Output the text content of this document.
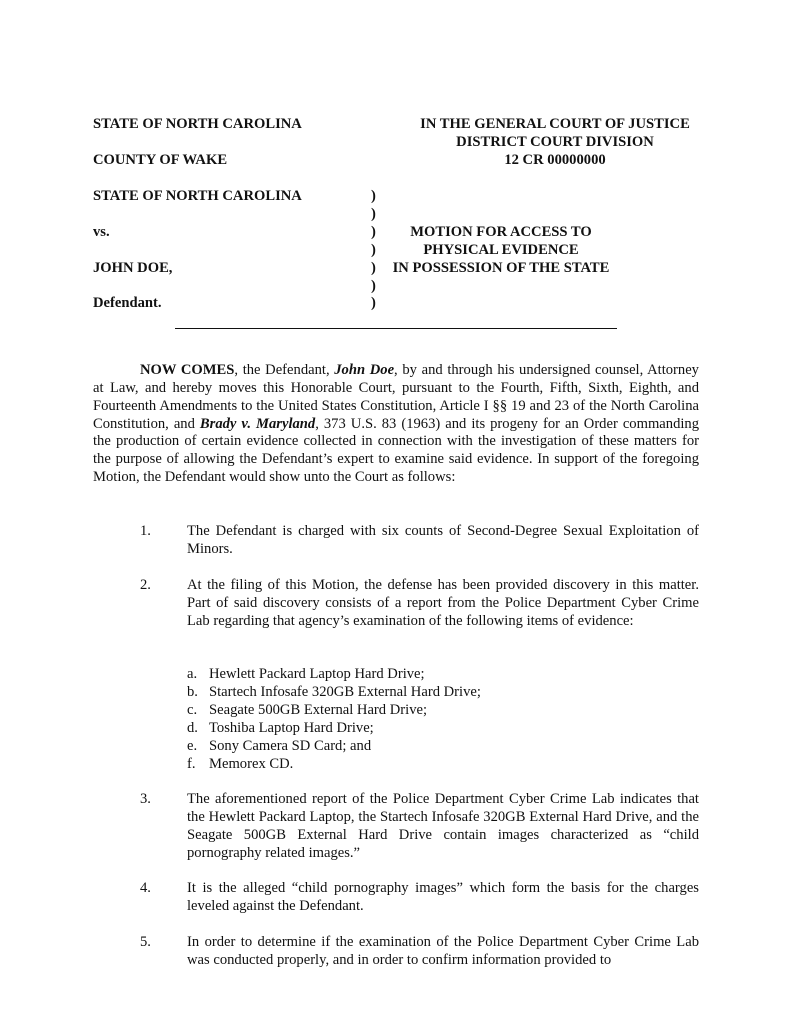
STATE OF NORTH CAROLINA
COUNTY OF WAKE
IN THE GENERAL COURT OF JUSTICE
DISTRICT COURT DIVISION
12 CR 00000000
STATE OF NORTH CAROLINA
vs.
JOHN DOE,
Defendant.
)
)
)
)
)
)
)
MOTION FOR ACCESS TO
PHYSICAL EVIDENCE
IN POSSESSION OF THE STATE

NOW COMES, the Defendant, John Doe, by and through his undersigned counsel, Attorney at Law, and hereby moves this Honorable Court, pursuant to the Fourth, Fifth, Sixth, Eighth, and Fourteenth Amendments to the United States Constitution, Article I §§ 19 and 23 of the North Carolina Constitution, and Brady v. Maryland, 373 U.S. 83 (1963) and its progeny for an Order commanding the production of certain evidence collected in connection with the investigation of these matters for the purpose of allowing the Defendant’s expert to examine said evidence. In support of the foregoing Motion, the Defendant would show unto the Court as follows:

1. The Defendant is charged with six counts of Second-Degree Sexual Exploitation of Minors.
2. At the filing of this Motion, the defense has been provided discovery in this matter. Part of said discovery consists of a report from the Police Department Cyber Crime Lab regarding that agency’s examination of the following items of evidence:
a. Hewlett Packard Laptop Hard Drive;
b. Startech Infosafe 320GB External Hard Drive;
c. Seagate 500GB External Hard Drive;
d. Toshiba Laptop Hard Drive;
e. Sony Camera SD Card; and
f. Memorex CD.
3. The aforementioned report of the Police Department Cyber Crime Lab indicates that the Hewlett Packard Laptop, the Startech Infosafe 320GB External Hard Drive, and the Seagate 500GB External Hard Drive contain images characterized as “child pornography related images.”
4. It is the alleged “child pornography images” which form the basis for the charges leveled against the Defendant.
5. In order to determine if the examination of the Police Department Cyber Crime Lab was conducted properly, and in order to confirm information provided to
